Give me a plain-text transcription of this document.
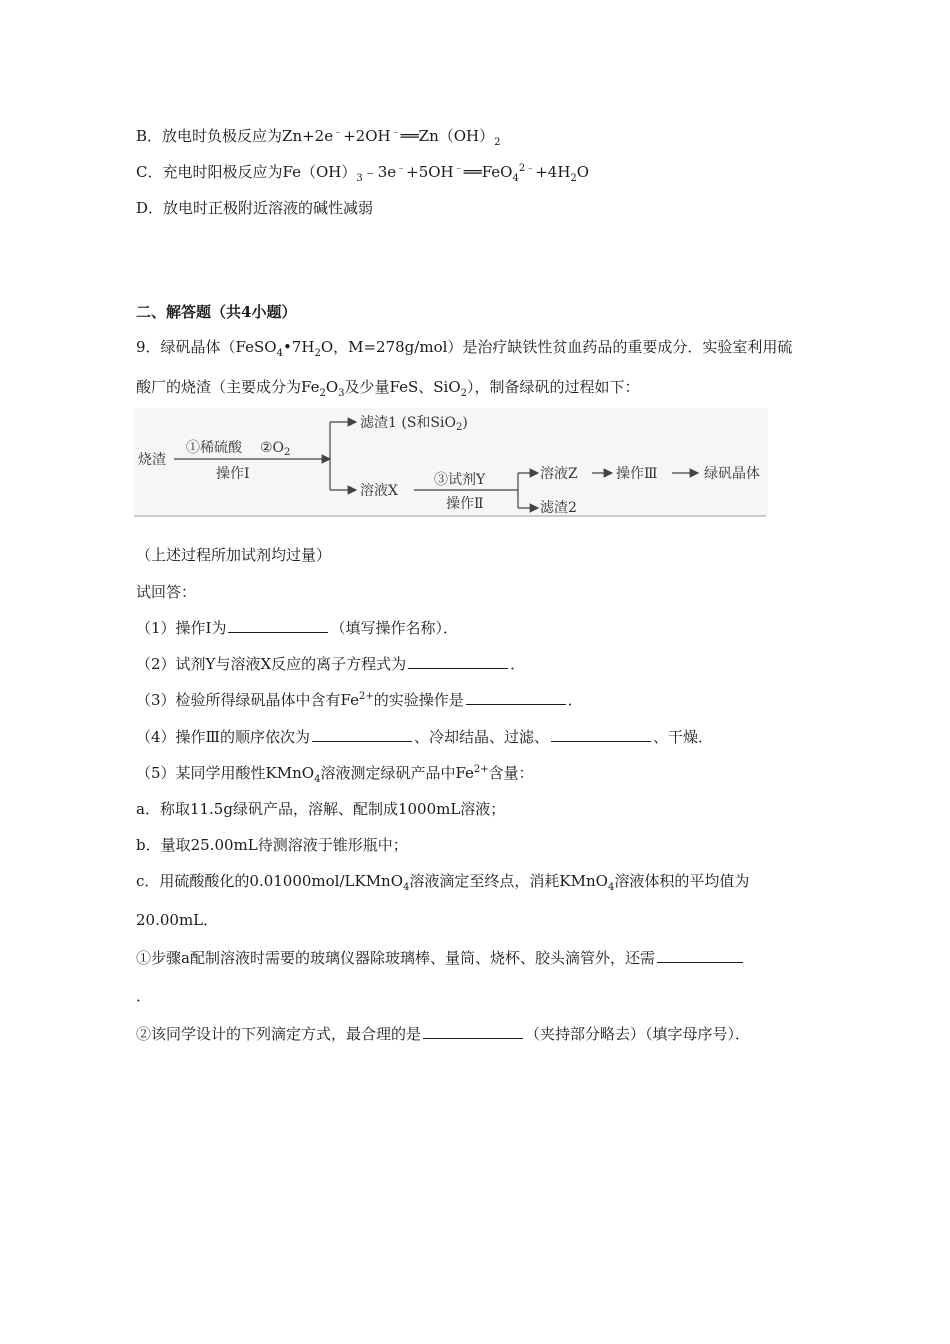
B．放电时负极反应为$Zn+2e^﹣+2OH^﹣══Zn(OH)_2$
C．充电时阳极反应为$Fe(OH)_3﹣3e^﹣+5OH^﹣══FeO_4^{2﹣}+4H_2O$
D．放电时正极附近溶液的碱性减弱
二、解答题（共4小题）
9．绿矾晶体（$FeSO_4•7H_2O$，M=278g/mol）是治疗缺铁性贫血药品的重要成分．实验室利用硫
酸厂的烧渣（主要成分为$Fe_2O_3$及少量FeS、SiO$_2$），制备绿矾的过程如下：
烧渣
①稀硫酸 $②O_2$
操作Ⅰ
滤渣1 (S和SiO$_2$)
溶液X
③试剂Y
操作Ⅱ
溶液Z
滤渣2
操作Ⅲ	绿矾晶体
（上述过程所加试剂均过量）
试回答：
（1）操作Ⅰ为	（填写操作名称）．
（2）试剂Y与溶液X反应的离子方程式为	．
（3）检验所得绿矾晶体中含有$Fe^{2+}$的实验操作是	．
（4）操作Ⅲ的顺序依次为	、冷却结晶、过滤、	、干燥．
（5）某同学用酸性KMnO$_4$溶液测定绿矾产品中$Fe^{2+}$含量：
a．称取11.5g绿矾产品，溶解、配制成1000mL溶液；
b．量取25.00mL待测溶液于锥形瓶中；
c．用硫酸酸化的0.01000mol/LKMnO$_4$溶液滴定至终点，消耗KMnO$_4$溶液体积的平均值为
20.00mL．
①步骤a配制溶液时需要的玻璃仪器除玻璃棒、量筒、烧杯、胶头滴管外，还需
．
②该同学设计的下列滴定方式，最合理的是	（夹持部分略去）（填字母序号）．
